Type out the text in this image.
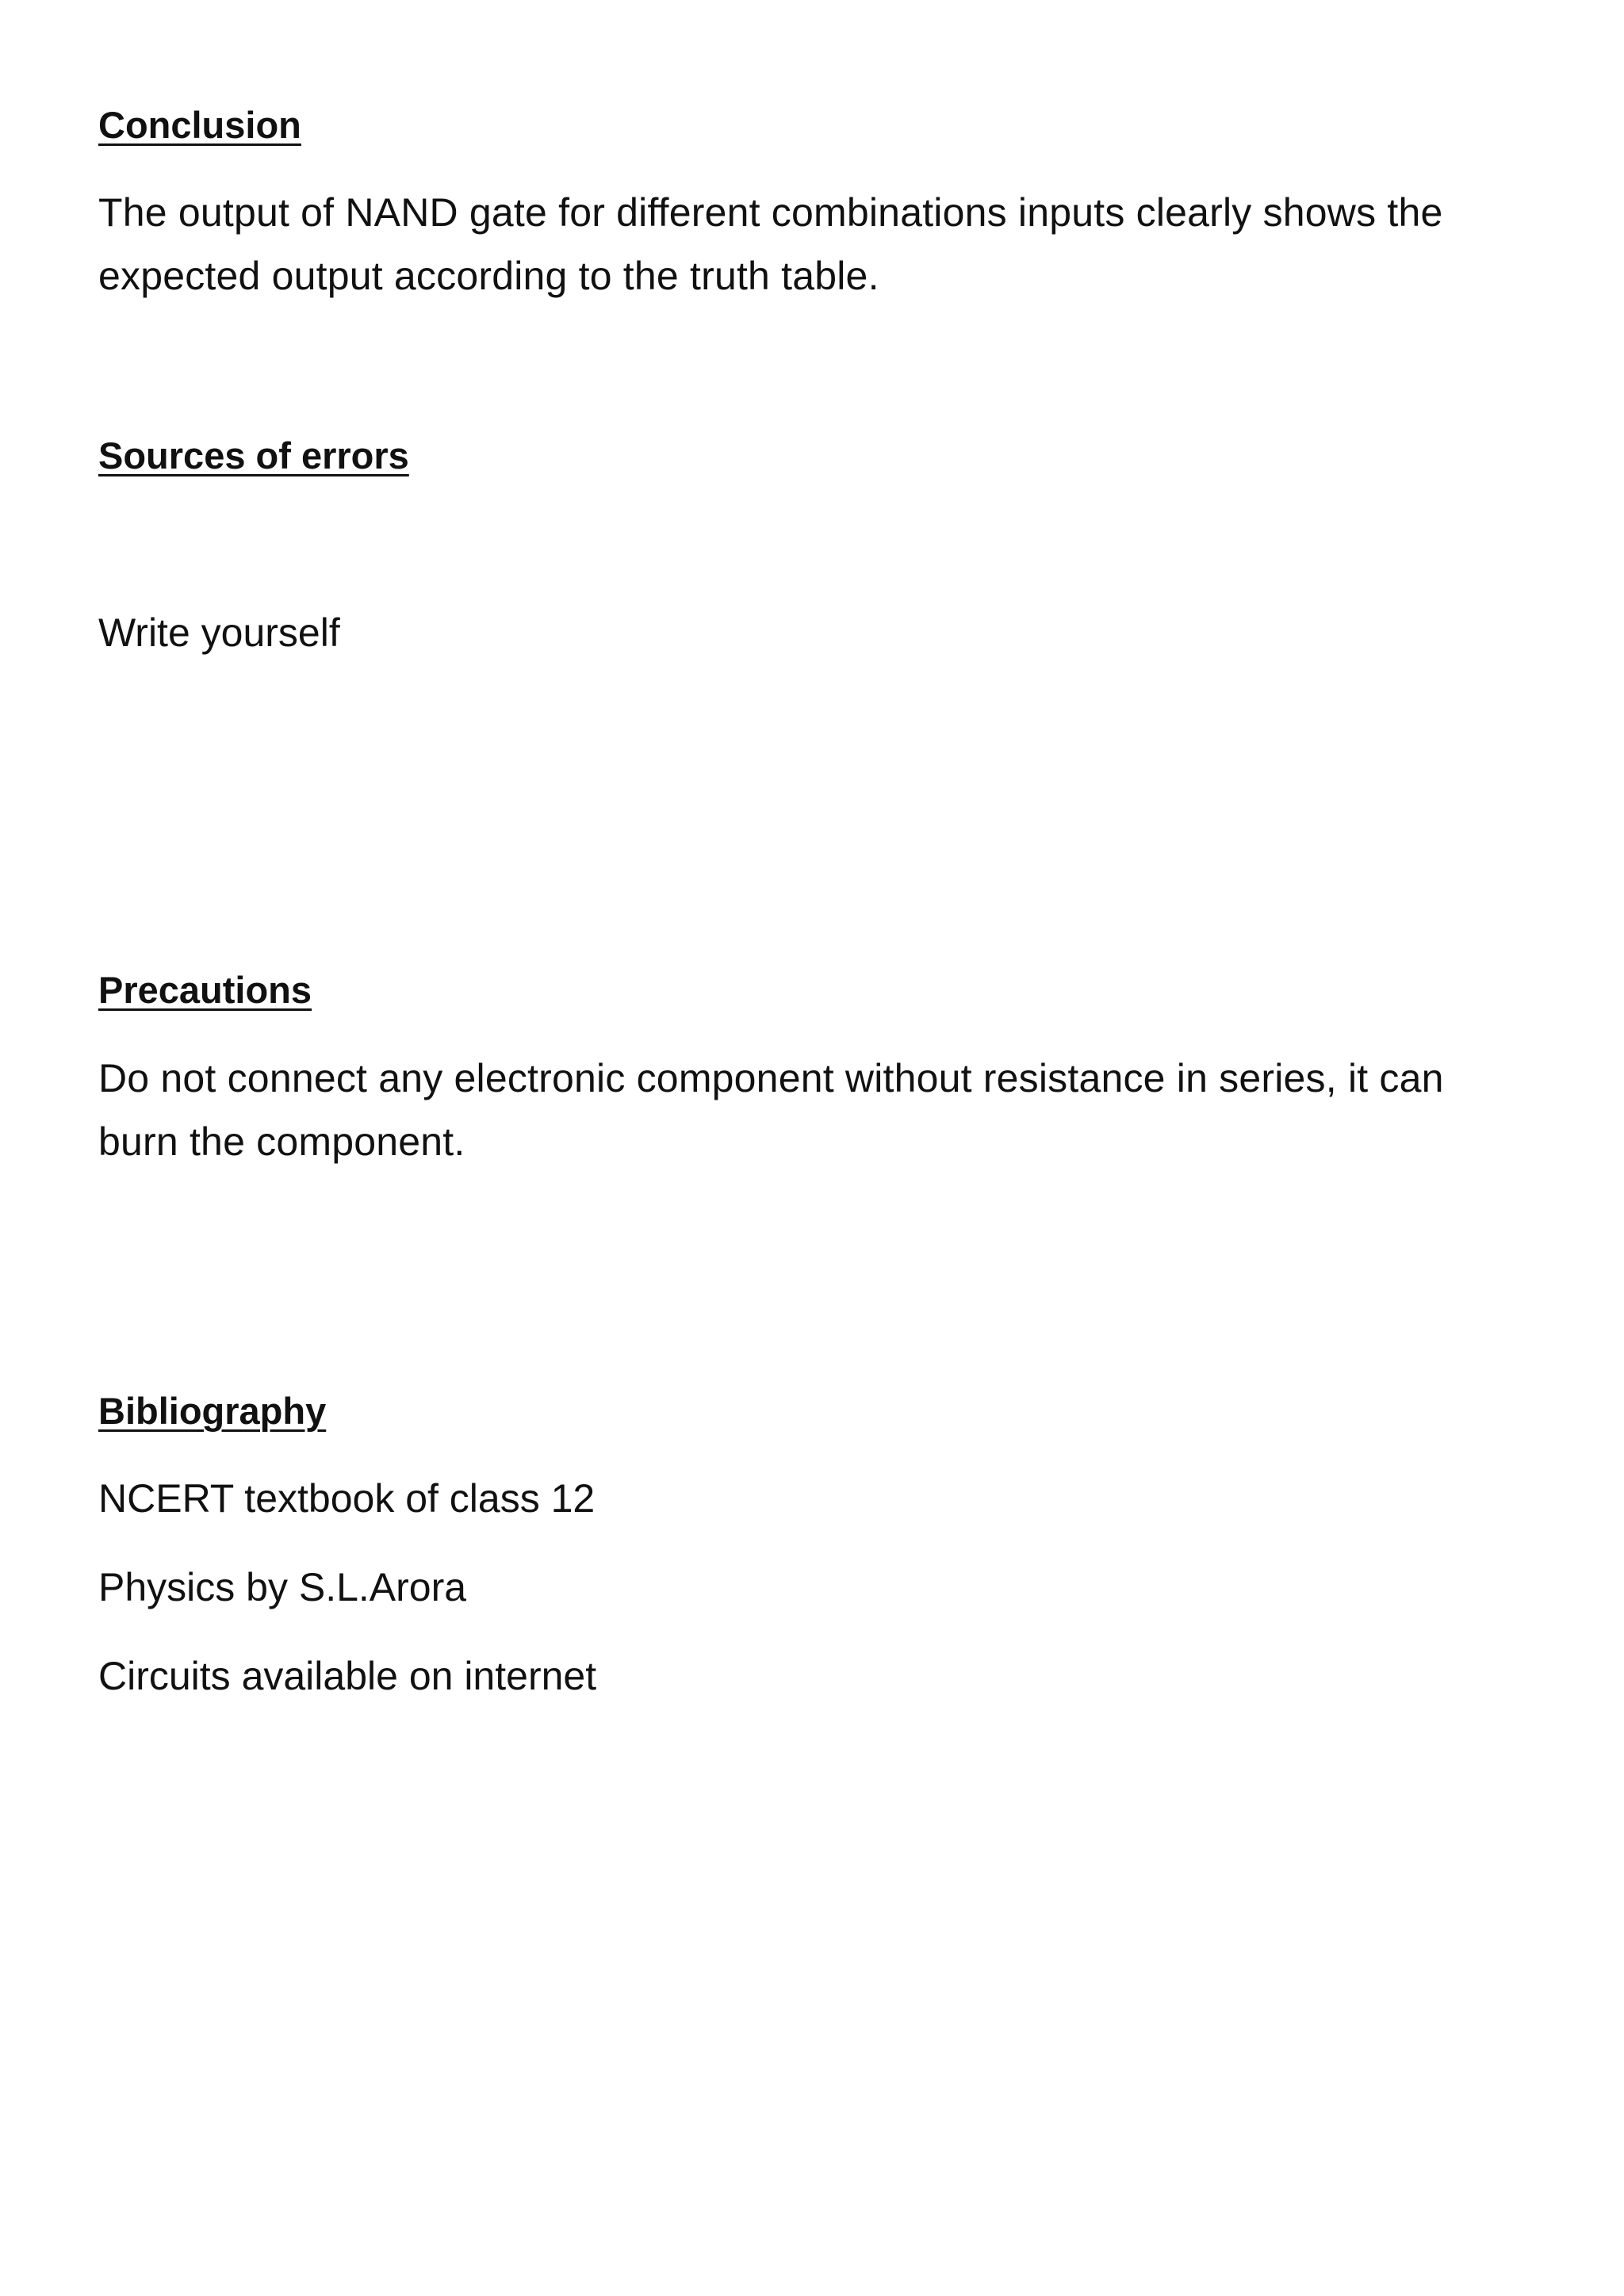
Conclusion

The output of NAND gate for different combinations inputs clearly shows the expected output according to the truth table.

Sources of errors

Write yourself

Precautions

Do not connect any electronic component without resistance in series, it can burn the component.

Bibliography

NCERT textbook of class 12

Physics by S.L.Arora

Circuits available on internet
